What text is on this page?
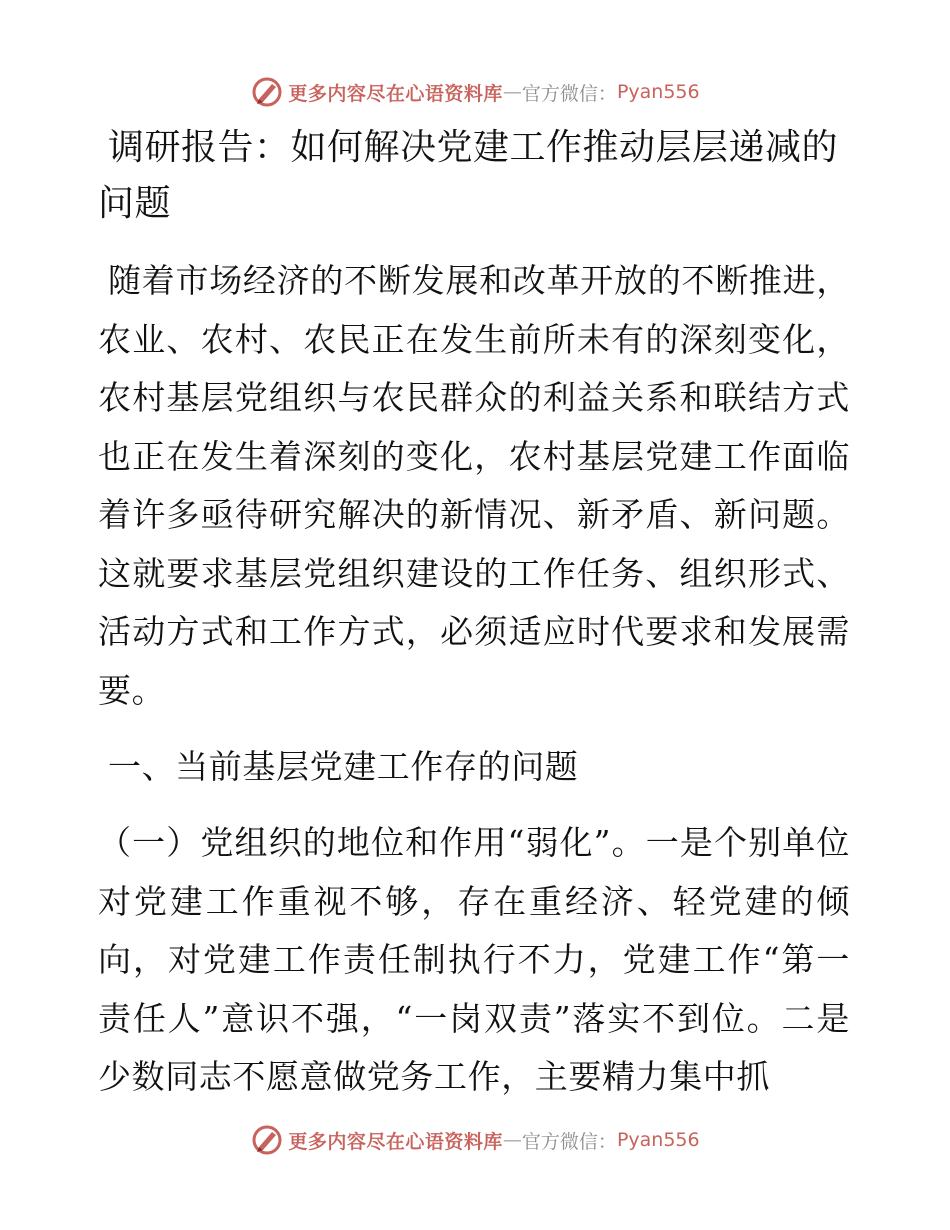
更多内容尽在心语资料库 — 官方微信： Pyan556
调研报告：如何解决党建工作推动层层递减的问题

随着市场经济的不断发展和改革开放的不断推进，农业、农村、农民正在发生前所未有的深刻变化，农村基层党组织与农民群众的利益关系和联结方式也正在发生着深刻的变化，农村基层党建工作面临着许多亟待研究解决的新情况、新矛盾、新问题。这就要求基层党组织建设的工作任务、组织形式、活动方式和工作方式，必须适应时代要求和发展需要。

一、当前基层党建工作存的问题

（一）党组织的地位和作用“弱化”。一是个别单位对党建工作重视不够，存在重经济、轻党建的倾向，对党建工作责任制执行不力，党建工作“第一责任人”意识不强，“一岗双责”落实不到位。二是少数同志不愿意做党务工作，主要精力集中抓

更多内容尽在心语资料库 — 官方微信： Pyan556
